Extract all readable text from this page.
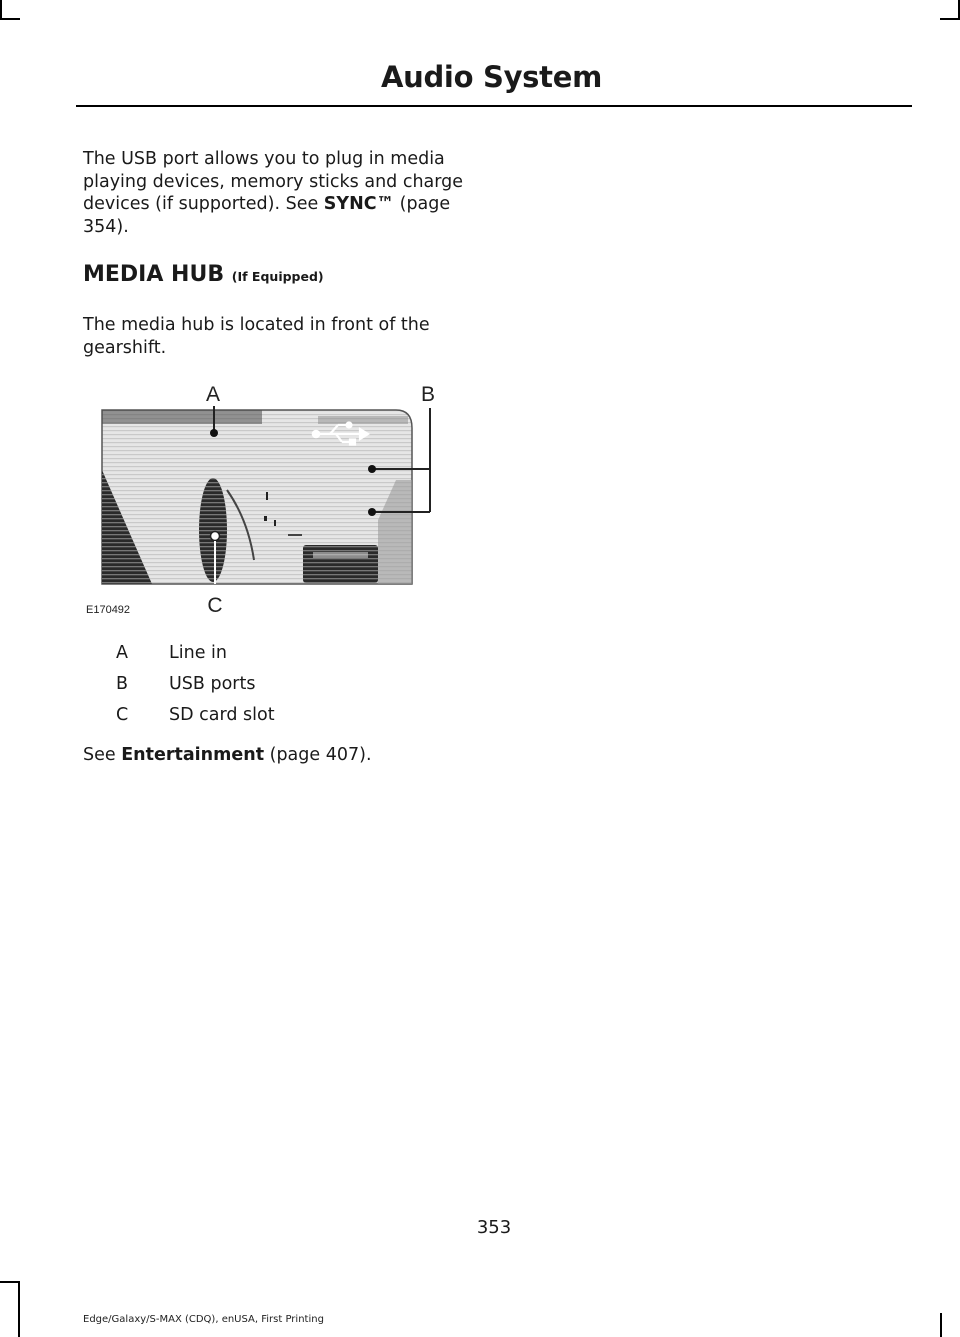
Audio System

The USB port allows you to plug in media playing devices, memory sticks and charge devices (if supported). See SYNC™ (page 354).

MEDIA HUB (If Equipped)

The media hub is located in front of the gearshift.

A	B
C
E170492
A	Line in
B	USB ports
C	SD card slot

See Entertainment (page 407).

353
Edge/Galaxy/S-MAX (CDQ), enUSA, First Printing
